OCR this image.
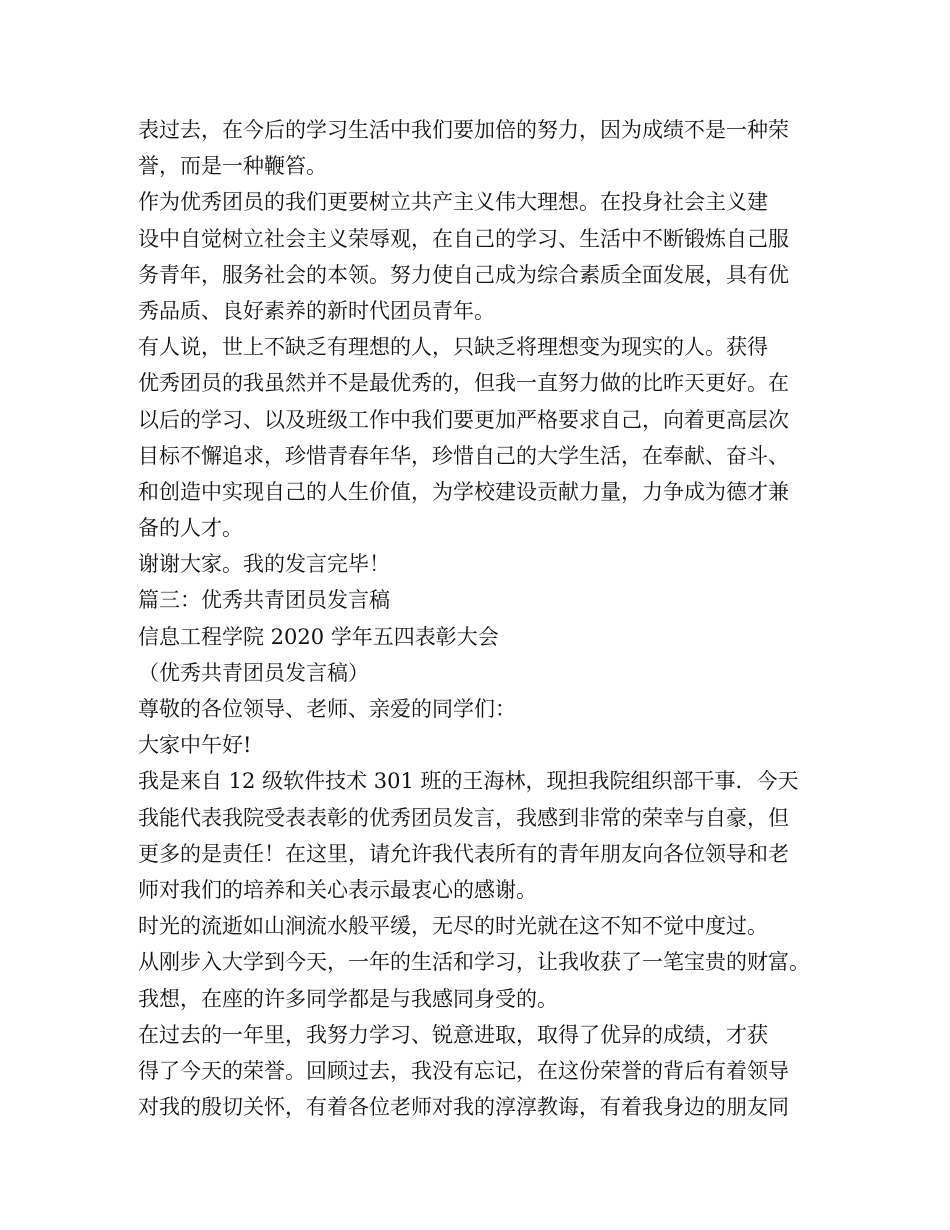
表过去，在今后的学习生活中我们要加倍的努力，因为成绩不是一种荣
誉，而是一种鞭笞。
作为优秀团员的我们更要树立共产主义伟大理想。在投身社会主义建
设中自觉树立社会主义荣辱观，在自己的学习、生活中不断锻炼自己服
务青年，服务社会的本领。努力使自己成为综合素质全面发展，具有优
秀品质、良好素养的新时代团员青年。
有人说，世上不缺乏有理想的人，只缺乏将理想变为现实的人。获得
优秀团员的我虽然并不是最优秀的，但我一直努力做的比昨天更好。在
以后的学习、以及班级工作中我们要更加严格要求自己，向着更高层次
目标不懈追求，珍惜青春年华，珍惜自己的大学生活，在奉献、奋斗、
和创造中实现自己的人生价值，为学校建设贡献力量，力争成为德才兼
备的人才。
谢谢大家。我的发言完毕！
篇三：优秀共青团员发言稿
信息工程学院 2020 学年五四表彰大会
（优秀共青团员发言稿）
尊敬的各位领导、老师、亲爱的同学们：
大家中午好!
我是来自 12 级软件技术 301 班的王海林，现担我院组织部干事．今天
我能代表我院受表表彰的优秀团员发言，我感到非常的荣幸与自豪，但
更多的是责任！在这里，请允许我代表所有的青年朋友向各位领导和老
师对我们的培养和关心表示最衷心的感谢。
时光的流逝如山涧流水般平缓，无尽的时光就在这不知不觉中度过。
从刚步入大学到今天，一年的生活和学习，让我收获了一笔宝贵的财富。
我想，在座的许多同学都是与我感同身受的。
在过去的一年里，我努力学习、锐意进取，取得了优异的成绩，才获
得了今天的荣誉。回顾过去，我没有忘记，在这份荣誉的背后有着领导
对我的殷切关怀，有着各位老师对我的淳淳教诲，有着我身边的朋友同
